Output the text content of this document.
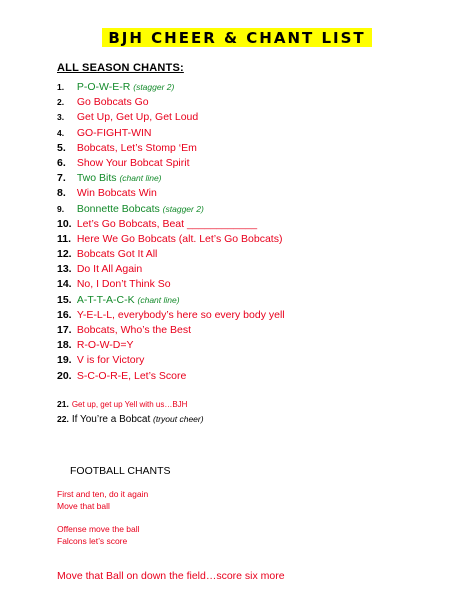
BJH CHEER & CHANT LIST
ALL SEASON CHANTS:
1. P-O-W-E-R (stagger 2)
2. Go Bobcats Go
3. Get Up, Get Up, Get Loud
4. GO-FIGHT-WIN
5. Bobcats, Let’s Stomp ‘Em
6. Show Your Bobcat Spirit
7. Two Bits (chant line)
8. Win Bobcats Win
9. Bonnette Bobcats (stagger 2)
10. Let’s Go Bobcats, Beat ____________
11. Here We Go Bobcats (alt. Let’s Go Bobcats)
12. Bobcats Got It All
13. Do It All Again
14. No, I Don’t Think So
15. A-T-T-A-C-K (chant line)
16. Y-E-L-L, everybody’s here so every body yell
17. Bobcats, Who’s the Best
18. R-O-W-D=Y
19. V is for Victory
20. S-C-O-R-E, Let’s Score
21. Get up, get up Yell with us…BJH
22. If You’re a Bobcat (tryout cheer)
FOOTBALL CHANTS
First and ten, do it again
Move that ball
Offense move the ball
Falcons let’s score
Move that Ball on down the field…score six more
